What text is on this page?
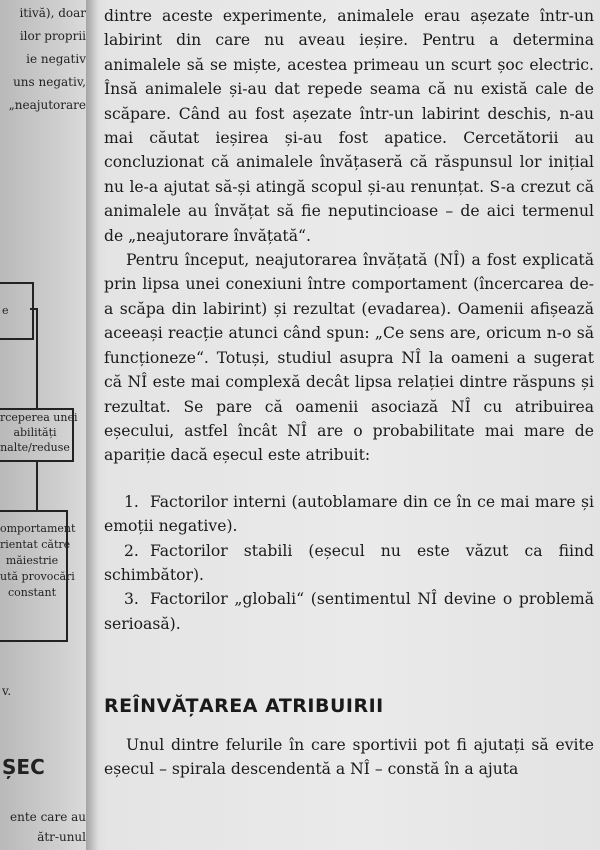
itivă), doar
ilor proprii
ie negativ
uns negativ,
„neajutorare
e
rceperea unei
abilități
nalte/reduse
omportament
rientat către
măiestrie
ută provocări
constant
v.
ȘEC
ente care au
ătr-unul

dintre aceste experimente, animalele erau așezate într-un labirint din care nu aveau ieșire. Pentru a determina animalele să se miște, acestea primeau un scurt șoc electric. Însă animalele și-au dat repede seama că nu există cale de scăpare. Când au fost așezate într-un labirint deschis, n-au mai căutat ieșirea și-au fost apatice. Cercetătorii au concluzionat că animalele învățaseră că răspunsul lor inițial nu le-a ajutat să-și atingă scopul și-au renunțat. S-a crezut că animalele au învățat să fie neputincioase – de aici termenul de „neajutorare învățată“.

Pentru început, neajutorarea învățată (NÎ) a fost explicată prin lipsa unei conexiuni între comportament (încercarea de-a scăpa din labirint) și rezultat (evadarea). Oamenii afișează aceeași reacție atunci când spun: „Ce sens are, oricum n-o să funcționeze“. Totuși, studiul asupra NÎ la oameni a sugerat că NÎ este mai complexă decât lipsa relației dintre răspuns și rezultat. Se pare că oamenii asociază NÎ cu atribuirea eșecului, astfel încât NÎ are o probabilitate mai mare de apariție dacă eșecul este atribuit:

1. Factorilor interni (autoblamare din ce în ce mai mare și emoții negative).
2. Factorilor stabili (eșecul nu este văzut ca fiind schimbător).
3. Factorilor „globali“ (sentimentul NÎ devine o problemă serioasă).
REÎNVĂȚAREA ATRIBUIRII

Unul dintre felurile în care sportivii pot fi ajutați să evite eșecul – spirala descendentă a NÎ – constă în a ajuta
